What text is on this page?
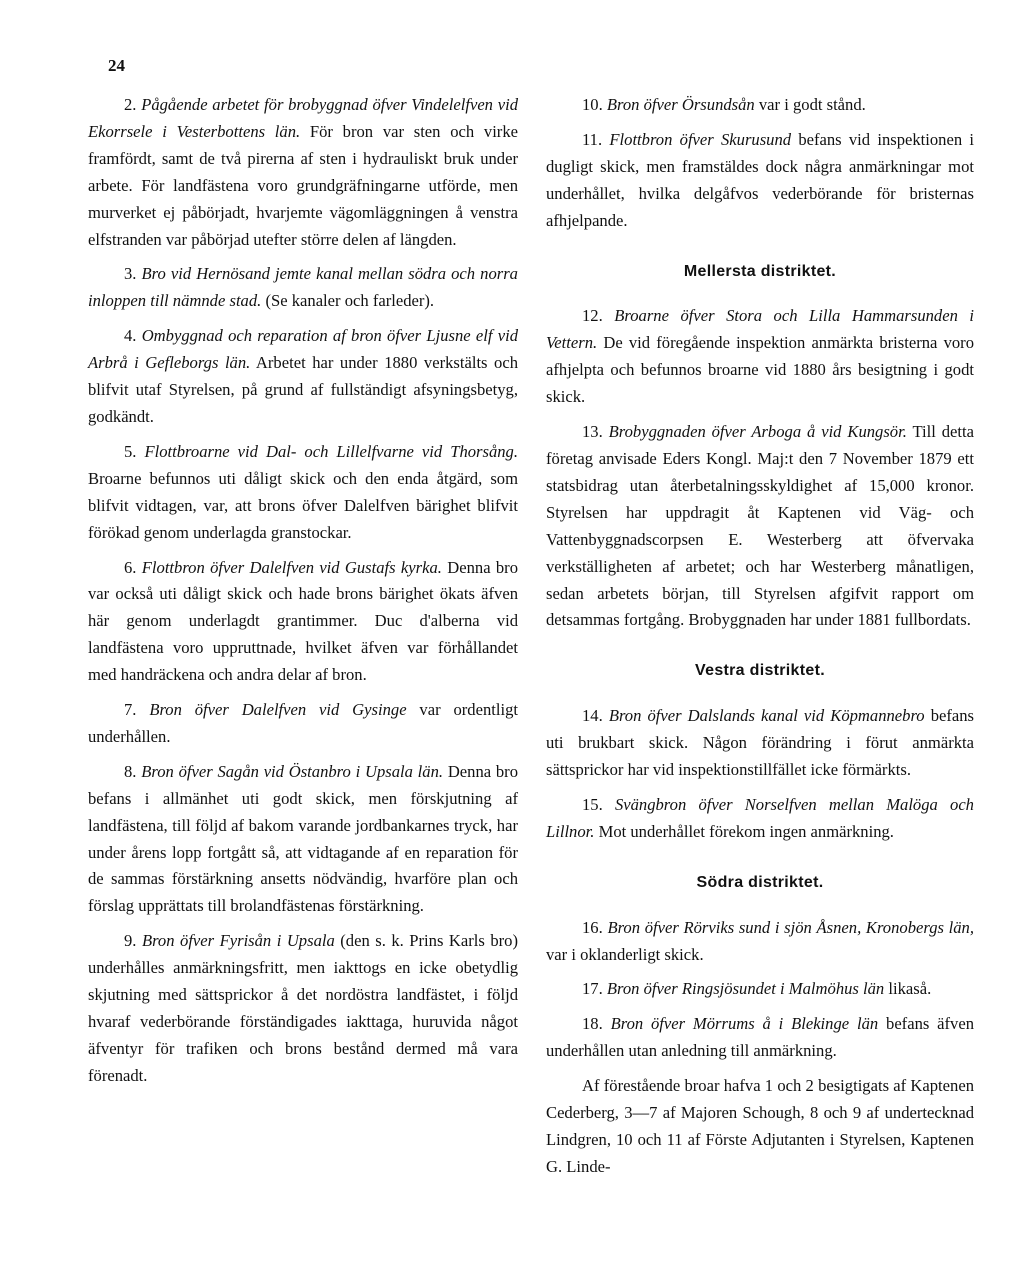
24

2. Pågående arbetet för brobyggnad öfver Vindelelfven vid Ekorrsele i Vesterbottens län. För bron var sten och virke framfördt, samt de två pirerna af sten i hydrauliskt bruk under arbete. För landfästena voro grundgräfningarne utförde, men murverket ej påbörjadt, hvarjemte vägomläggningen å venstra elfstranden var påbörjad utefter större delen af längden.

3. Bro vid Hernösand jemte kanal mellan södra och norra inloppen till nämnde stad. (Se kanaler och farleder).

4. Ombyggnad och reparation af bron öfver Ljusne elf vid Arbrå i Gefleborgs län. Arbetet har under 1880 verkstälts och blifvit utaf Styrelsen, på grund af fullständigt afsyningsbetyg, godkändt.

5. Flottbroarne vid Dal- och Lillelfvarne vid Thorsång. Broarne befunnos uti dåligt skick och den enda åtgärd, som blifvit vidtagen, var, att brons öfver Dalelfven bärighet blifvit förökad genom underlagda granstockar.

6. Flottbron öfver Dalelfven vid Gustafs kyrka. Denna bro var också uti dåligt skick och hade brons bärighet ökats äfven här genom underlagdt grantimmer. Duc d'alberna vid landfästena voro uppruttnade, hvilket äfven var förhållandet med handräckena och andra delar af bron.

7. Bron öfver Dalelfven vid Gysinge var ordentligt underhållen.

8. Bron öfver Sagån vid Östanbro i Upsala län. Denna bro befans i allmänhet uti godt skick, men förskjutning af landfästena, till följd af bakom varande jordbankarnes tryck, har under årens lopp fortgått så, att vidtagande af en reparation för de sammas förstärkning ansetts nödvändig, hvarföre plan och förslag upprättats till brolandfästenas förstärkning.

9. Bron öfver Fyrisån i Upsala (den s. k. Prins Karls bro) underhålles anmärkningsfritt, men iakttogs en icke obetydlig skjutning med sättsprickor å det nordöstra landfästet, i följd hvaraf vederbörande förständigades iakttaga, huruvida något äfventyr för trafiken och brons bestånd dermed må vara förenadt.

10. Bron öfver Örsundsån var i godt stånd.

11. Flottbron öfver Skurusund befans vid inspektionen i dugligt skick, men framstäldes dock några anmärkningar mot underhållet, hvilka delgåfvos vederbörande för bristernas afhjelpande.

Mellersta distriktet.

12. Broarne öfver Stora och Lilla Hammarsunden i Vettern. De vid föregående inspektion anmärkta bristerna voro afhjelpta och befunnos broarne vid 1880 års besigtning i godt skick.

13. Brobyggnaden öfver Arboga å vid Kungsör. Till detta företag anvisade Eders Kongl. Maj:t den 7 November 1879 ett statsbidrag utan återbetalningsskyldighet af 15,000 kronor. Styrelsen har uppdragit åt Kaptenen vid Väg- och Vattenbyggnadscorpsen E. Westerberg att öfvervaka verkställigheten af arbetet; och har Westerberg månatligen, sedan arbetets början, till Styrelsen afgifvit rapport om detsammas fortgång. Brobyggnaden har under 1881 fullbordats.

Vestra distriktet.

14. Bron öfver Dalslands kanal vid Köpmannebro befans uti brukbart skick. Någon förändring i förut anmärkta sättsprickor har vid inspektionstillfället icke förmärkts.

15. Svängbron öfver Norselfven mellan Malöga och Lillnor. Mot underhållet förekom ingen anmärkning.

Södra distriktet.

16. Bron öfver Rörviks sund i sjön Åsnen, Kronobergs län, var i oklanderligt skick.

17. Bron öfver Ringsjösundet i Malmöhus län likaså.

18. Bron öfver Mörrums å i Blekinge län befans äfven underhållen utan anledning till anmärkning.

Af förestående broar hafva 1 och 2 besigtigats af Kaptenen Cederberg, 3—7 af Majoren Schough, 8 och 9 af undertecknad Lindgren, 10 och 11 af Förste Adjutanten i Styrelsen, Kaptenen G. Linde-
